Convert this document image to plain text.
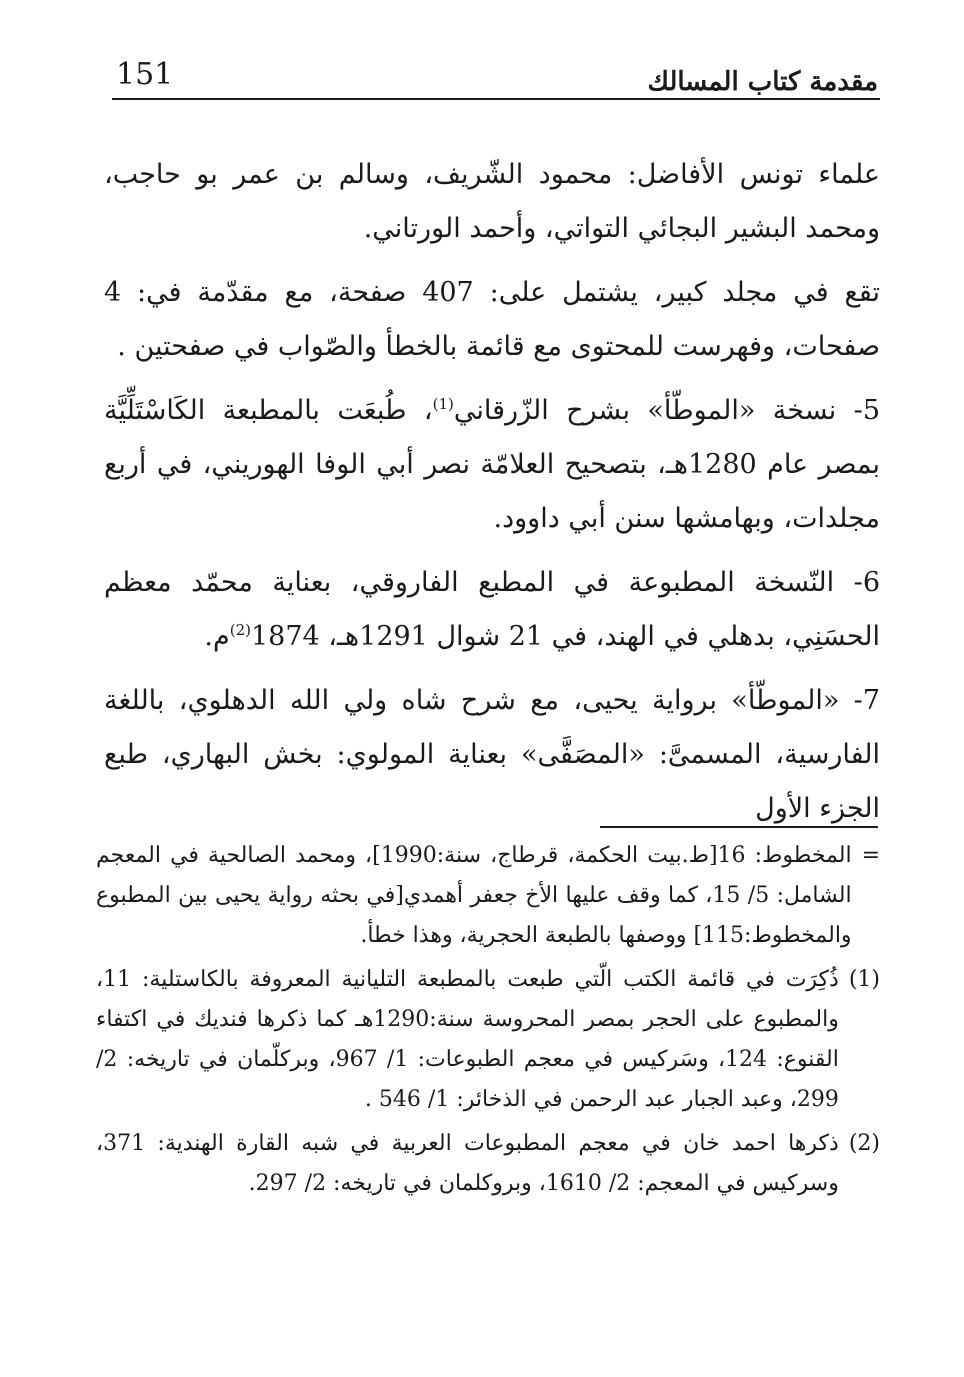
151	مقدمة كتاب المسالك

علماء تونس الأفاضل: محمود الشّريف، وسالم بن عمر بو حاجب، ومحمد البشير البجائي التواتي، وأحمد الورتاني.

تقع في مجلد كبير، يشتمل على: 407 صفحة، مع مقدّمة في: 4 صفحات، وفهرست للمحتوى مع قائمة بالخطأ والصّواب في صفحتين .

5- نسخة «الموطّأ» بشرح الزّرقاني$^{(1)}$، طُبعَت بالمطبعة الكَاسْتَلِّيَّة بمصر عام 1280هـ، بتصحيح العلامّة نصر أبي الوفا الهوريني، في أربع مجلدات، وبهامشها سنن أبي داوود.

6- النّسخة المطبوعة في المطبع الفاروقي، بعناية محمّد معظم الحسَنِي، بدهلي في الهند، في 21 شوال 1291هـ، 1874$^{(2)}$م.

7- «الموطّأ» برواية يحيى، مع شرح شاه ولي الله الدهلوي، باللغة الفارسية، المسمىَّ: «المصَفَّى» بعناية المولوي: بخش البهاري، طبع الجزء الأول

=
المخطوط: 16[ط.بيت الحكمة، قرطاج، سنة:1990]، ومحمد الصالحية في المعجم الشامل: 5/ 15، كما وقف عليها الأخ جعفر أهمدي[في بحثه رواية يحيى بين المطبوع والمخطوط:115] ووصفها بالطبعة الحجرية، وهذا خطأ.
(1)
ذُكِرَت في قائمة الكتب الّتي طبعت بالمطبعة التليانية المعروفة بالكاستلية: 11، والمطبوع على الحجر بمصر المحروسة سنة:1290هـ كما ذكرها فنديك في اكتفاء القنوع: 124، وسَركيس في معجم الطبوعات: 1/ 967، وبركلّمان في تاريخه: 2/ 299، وعبد الجبار عبد الرحمن في الذخائر: 1/ 546 .
(2)
ذكرها احمد خان في معجم المطبوعات العربية في شبه القارة الهندية: 371، وسركيس في المعجم: 2/ 1610، وبروكلمان في تاريخه: 2/ 297.
